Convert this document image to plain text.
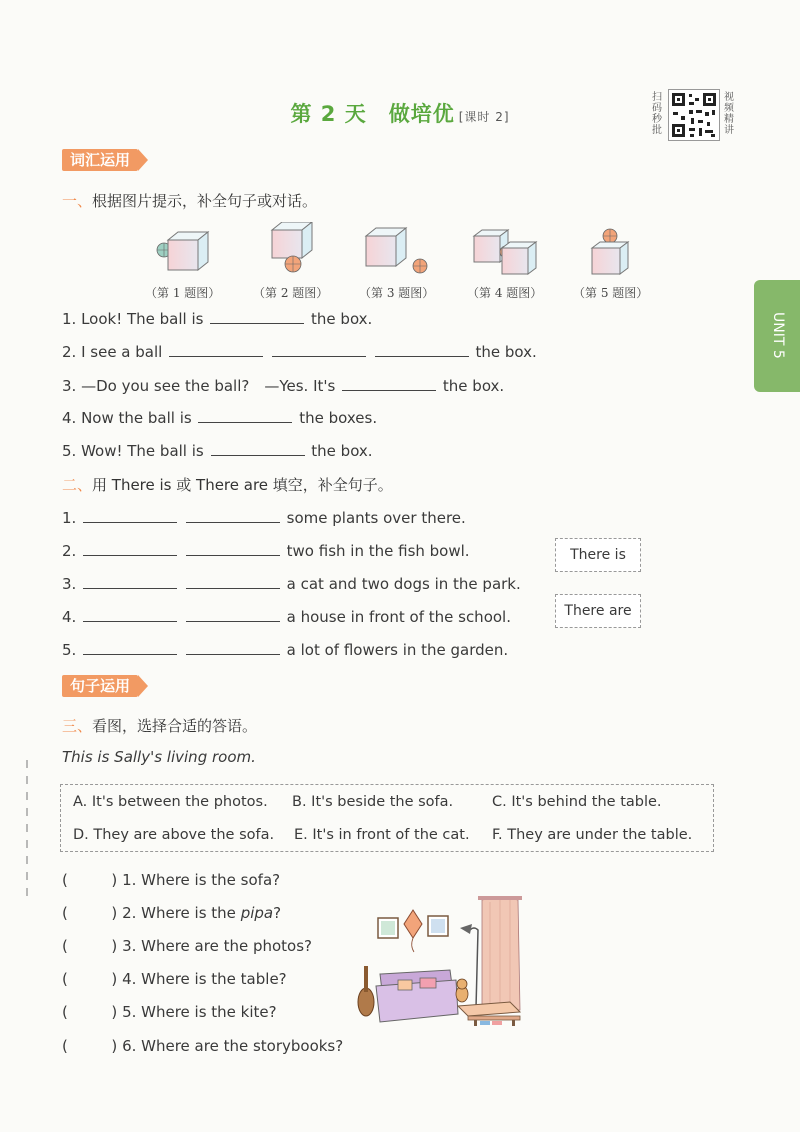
第 2 天　做培优 [课时 2]
扫码秒批
视频精讲
UNIT 5
词汇运用
一、根据图片提示，补全句子或对话。
（第 1 题图）	（第 2 题图）	（第 3 题图）	（第 4 题图）	（第 5 题图）
1. Look! The ball is	the box.
2. I see a ball	the box.
3. —Do you see the ball?　—Yes. It's	the box.
4. Now the ball is	the boxes.
5. Wow! The ball is	the box.
二、用 There is 或 There are 填空，补全句子。
1.	some plants over there.
2.	two fish in the fish bowl.
3.	a cat and two dogs in the park.
4.	a house in front of the school.
5.	a lot of flowers in the garden.
There is
There are
句子运用
三、看图，选择合适的答语。
This is Sally's living room.
A. It's between the photos. B. It's beside the sofa.	C. It's behind the table.
D. They are above the sofa. E. It's in front of the cat. F. They are under the table.
(	) 1. Where is the sofa?
(	) 2. Where is the pipa?
(	) 3. Where are the photos?
(	) 4. Where is the table?
(	) 5. Where is the kite?
(	) 6. Where are the storybooks?
